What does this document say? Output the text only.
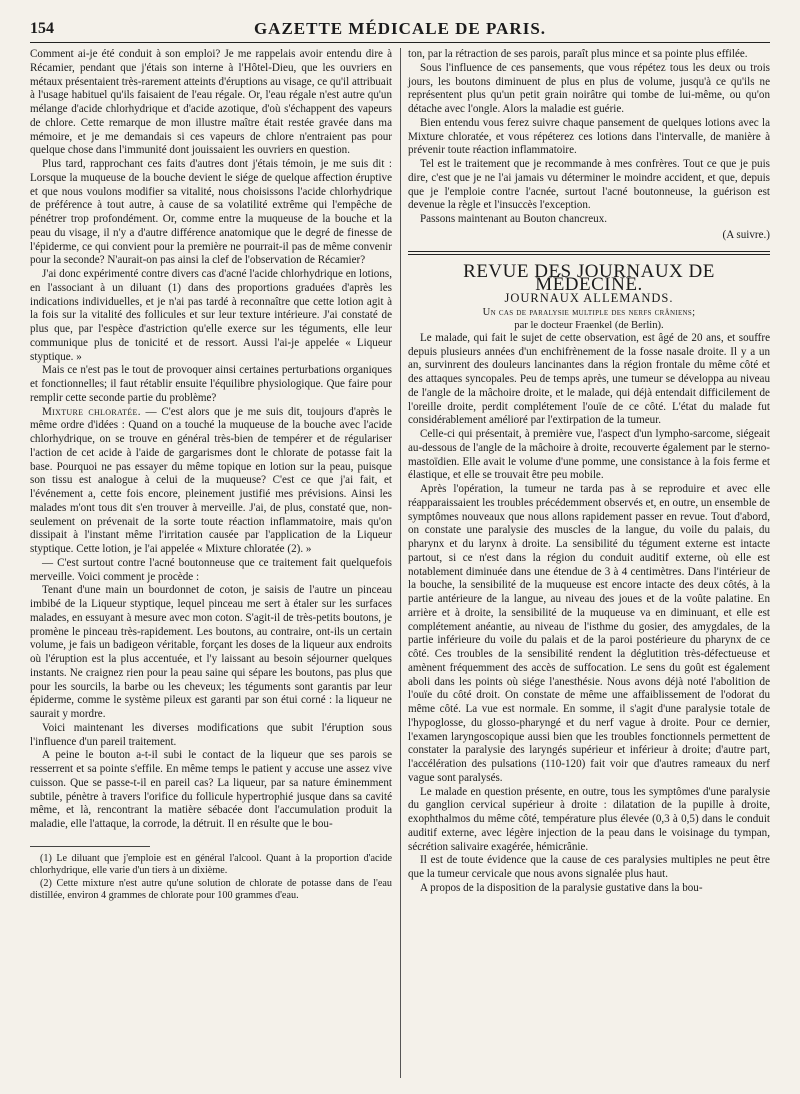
154	GAZETTE MÉDICALE DE PARIS.

Comment ai-je été conduit à son emploi? Je me rappelais avoir entendu dire à Récamier, pendant que j'étais son interne à l'Hôtel-Dieu, que les ouvriers en métaux présentaient très-rarement atteints d'éruptions au visage, ce qu'il attribuait à l'usage habituel qu'ils faisaient de l'eau régale. Or, l'eau régale n'est autre qu'un mélange d'acide chlorhydrique et d'acide azotique, d'où s'échappent des vapeurs de chlore. Cette remarque de mon illustre maître était restée gravée dans ma mémoire, et je me demandais si ces vapeurs de chlore n'entraient pas pour quelque chose dans l'immunité dont jouissaient les ouvriers en question.

Plus tard, rapprochant ces faits d'autres dont j'étais témoin, je me suis dit : Lorsque la muqueuse de la bouche devient le siége de quelque affection éruptive et que nous voulons modifier sa vitalité, nous choisissons l'acide chlorhydrique de préférence à tout autre, à cause de sa volatilité extrême qui l'empêche de pénétrer trop profondément. Or, comme entre la muqueuse de la bouche et la peau du visage, il n'y a d'autre différence anatomique que le degré de finesse de l'épiderme, ce qui convient pour la première ne pourrait-il pas de même convenir pour la seconde? N'aurait-on pas ainsi la clef de l'observation de Récamier?

J'ai donc expérimenté contre divers cas d'acné l'acide chlorhydrique en lotions, en l'associant à un diluant (1) dans des proportions graduées d'après les indications individuelles, et je n'ai pas tardé à reconnaître que cette lotion agit à la fois sur la vitalité des follicules et sur leur texture intérieure. J'ai constaté de plus que, par l'espèce d'astriction qu'elle exerce sur les téguments, elle leur communique plus de tonicité et de ressort. Aussi l'ai-je appelée « Liqueur styptique. »

Mais ce n'est pas le tout de provoquer ainsi certaines perturbations organiques et fonctionnelles; il faut rétablir ensuite l'équilibre physiologique. Que faire pour remplir cette seconde partie du problème?

Mixture chloratée. — C'est alors que je me suis dit, toujours d'après le même ordre d'idées : Quand on a touché la muqueuse de la bouche avec l'acide chlorhydrique, on se trouve en général très-bien de tempérer et de régulariser l'action de cet acide à l'aide de gargarismes dont le chlorate de potasse fait la base. Pourquoi ne pas essayer du même topique en lotion sur la peau, puisque son tissu est analogue à celui de la muqueuse? C'est ce que j'ai fait, et l'événement a, cette fois encore, pleinement justifié mes prévisions. Ainsi les malades m'ont tous dit s'en trouver à merveille. J'ai, de plus, constaté que, non-seulement on prévenait de la sorte toute réaction inflammatoire, mais qu'on dissipait à l'instant même l'irritation causée par l'application de la Liqueur styptique. Cette lotion, je l'ai appelée « Mixture chloratée (2). »

— C'est surtout contre l'acné boutonneuse que ce traitement fait quelquefois merveille. Voici comment je procède :

Tenant d'une main un bourdonnet de coton, je saisis de l'autre un pinceau imbibé de la Liqueur styptique, lequel pinceau me sert à étaler sur les surfaces malades, en essuyant à mesure avec mon coton. S'agit-il de très-petits boutons, je promène le pinceau très-rapidement. Les boutons, au contraire, ont-ils un certain volume, je fais un badigeon véritable, forçant les doses de la liqueur aux endroits où l'éruption est la plus accentuée, et l'y laissant au besoin séjourner quelques instants. Ne craignez rien pour la peau saine qui sépare les boutons, pas plus que pour les sourcils, la barbe ou les cheveux; les téguments sont garantis par leur épiderme, comme le système pileux est garanti par son étui corné : la liqueur ne saurait y mordre.

Voici maintenant les diverses modifications que subit l'éruption sous l'influence d'un pareil traitement.

A peine le bouton a-t-il subi le contact de la liqueur que ses parois se resserrent et sa pointe s'effile. En même temps le patient y accuse une assez vive cuisson. Que se passe-t-il en pareil cas? La liqueur, par sa nature éminemment subtile, pénètre à travers l'orifice du follicule hypertrophié jusque dans sa cavité même, et là, rencontrant la matière sébacée dont l'accumulation produit la maladie, elle l'attaque, la corrode, la détruit. Il en résulte que le bou-

(1) Le diluant que j'emploie est en général l'alcool. Quant à la proportion d'acide chlorhydrique, elle varie d'un tiers à un dixième.

(2) Cette mixture n'est autre qu'une solution de chlorate de potasse dans de l'eau distillée, environ 4 grammes de chlorate pour 100 grammes d'eau.

ton, par la rétraction de ses parois, paraît plus mince et sa pointe plus effilée.

Sous l'influence de ces pansements, que vous répétez tous les deux ou trois jours, les boutons diminuent de plus en plus de volume, jusqu'à ce qu'ils ne représentent plus qu'un petit grain noirâtre qui tombe de lui-même, ou qu'on détache avec l'ongle. Alors la maladie est guérie.

Bien entendu vous ferez suivre chaque pansement de quelques lotions avec la Mixture chloratée, et vous répéterez ces lotions dans l'intervalle, de manière à prévenir toute réaction inflammatoire.

Tel est le traitement que je recommande à mes confrères. Tout ce que je puis dire, c'est que je ne l'ai jamais vu déterminer le moindre accident, et que, depuis que je l'emploie contre l'acnée, surtout l'acné boutonneuse, la guérison est devenue la règle et l'insuccès l'exception.

Passons maintenant au Bouton chancreux.

(A suivre.)

REVUE DES JOURNAUX DE MÉDECINE.

JOURNAUX ALLEMANDS.

Un cas de paralysie multiple des nerfs crâniens;
par le docteur Fraenkel (de Berlin).

Le malade, qui fait le sujet de cette observation, est âgé de 20 ans, et souffre depuis plusieurs années d'un enchifrènement de la fosse nasale droite. Il y a un an, survinrent des douleurs lancinantes dans la région frontale du même côté et des attaques syncopales. Peu de temps après, une tumeur se développa au niveau de l'angle de la mâchoire droite, et le malade, qui déjà entendait difficilement de l'oreille droite, perdit complétement l'ouïe de ce côté. L'état du malade fut considérablement amélioré par l'extirpation de la tumeur.

Celle-ci qui présentait, à première vue, l'aspect d'un lympho-sarcome, siégeait au-dessous de l'angle de la mâchoire à droite, recouverte également par le sterno-mastoïdien. Elle avait le volume d'une pomme, une consistance à la fois ferme et élastique, et elle se trouvait être peu mobile.

Après l'opération, la tumeur ne tarda pas à se reproduire et avec elle réapparaissaient les troubles précédemment observés et, en outre, un ensemble de symptômes nouveaux que nous allons rapidement passer en revue. Tout d'abord, on constate une paralysie des muscles de la langue, du voile du palais, du pharynx et du larynx à droite. La sensibilité du tégument externe est intacte partout, si ce n'est dans la région du conduit auditif externe, où elle est notablement diminuée dans une étendue de 3 à 4 centimètres. Dans l'intérieur de la bouche, la sensibilité de la muqueuse est encore intacte des deux côtés, à la partie antérieure de la langue, au niveau des joues et de la voûte palatine. En arrière et à droite, la sensibilité de la muqueuse va en diminuant, et elle est complétement anéantie, au niveau de l'isthme du gosier, des amygdales, de la partie inférieure du voile du palais et de la paroi postérieure du pharynx de ce côté. Ces troubles de la sensibilité rendent la déglutition très-défectueuse et amènent fréquemment des accès de suffocation. Le sens du goût est également aboli dans les points où siége l'anesthésie. Nous avons déjà noté l'abolition de l'ouïe du côté droit. On constate de même une affaiblissement de l'odorat du même côté. La vue est normale. En somme, il s'agit d'une paralysie totale de l'hypoglosse, du glosso-pharyngé et du nerf vague à droite. Pour ce dernier, l'examen laryngoscopique aussi bien que les troubles fonctionnels permettent de constater la paralysie des laryngés supérieur et inférieur à droite; d'autre part, l'accélération des pulsations (110-120) fait voir que d'autres rameaux du nerf vague sont paralysés.

Le malade en question présente, en outre, tous les symptômes d'une paralysie du ganglion cervical supérieur à droite : dilatation de la pupille à droite, exophthalmos du même côté, température plus élevée (0,3 à 0,5) dans le conduit auditif externe, avec légère injection de la peau dans le voisinage du tympan, sécrétion salivaire exagérée, hémicrânie.

Il est de toute évidence que la cause de ces paralysies multiples ne peut être que la tumeur cervicale que nous avons signalée plus haut.

A propos de la disposition de la paralysie gustative dans la bou-
